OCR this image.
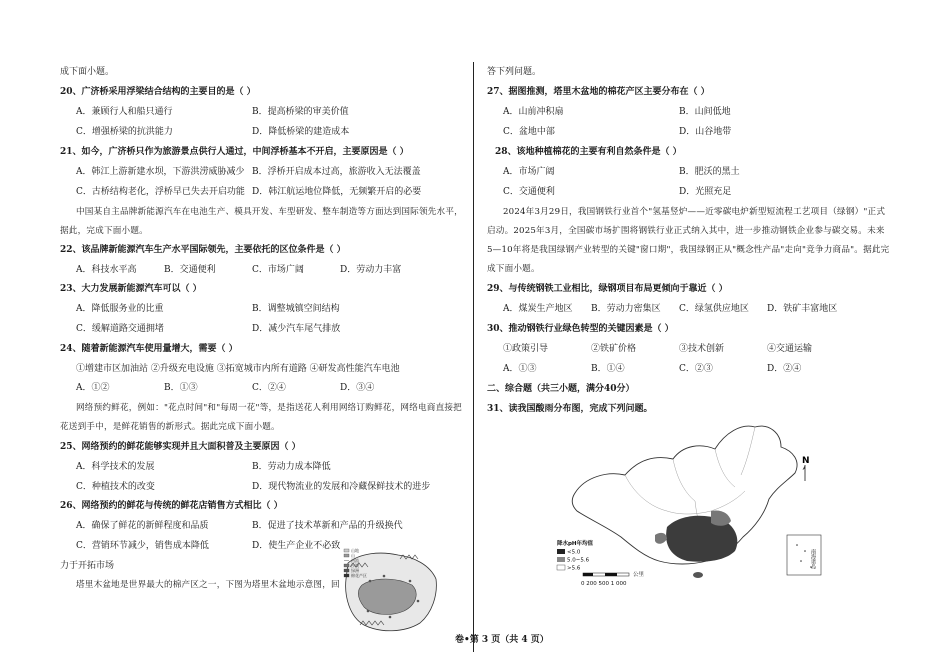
成下面小题。
20、广济桥采用浮梁结合结构的主要目的是（ ）
A．兼顾行人和船只通行	B．提高桥梁的审美价值
C．增强桥梁的抗洪能力	D．降低桥梁的建造成本
21、如今，广济桥只作为旅游景点供行人通过，中间浮桥基本不开启，主要原因是（ ）
A．韩江上游新建水坝，下游洪涝威胁减少 B．浮桥开启成本过高，旅游收入无法覆盖
C．古桥结构老化，浮桥早已失去开启功能 D．韩江航运地位降低，无频繁开启的必要
中国某自主品牌新能源汽车在电池生产、模具开发、车型研发、整车制造等方面达到国际领先水平，
据此，完成下面小题。
22、该品牌新能源汽车生产水平国际领先，主要依托的区位条件是（ ）
A．科技水平高	B．交通便利	C．市场广阔	D．劳动力丰富
23、大力发展新能源汽车可以（ ）
A．降低服务业的比重	B．调整城镇空间结构
C．缓解道路交通拥堵	D．减少汽车尾气排放
24、随着新能源汽车使用量增大，需要（ ）
①增建市区加油站 ②升级充电设施 ③拓宽城市内所有道路 ④研发高性能汽车电池
A．①②	B．①③	C．②④	D．③④
网络预约鲜花，例如："花点时间"和"每周一花"等，是指送花人利用网络订购鲜花，网络电商直接把
花送到手中，是鲜花销售的新形式。据此完成下面小题。
25、网络预约的鲜花能够实现并且大面积普及主要原因（ ）
A．科学技术的发展	B．劳动力成本降低
C．种植技术的改变	D．现代物流业的发展和冷藏保鲜技术的进步
26、网络预约的鲜花与传统的鲜花店销售方式相比（ ）
A．确保了鲜花的新鲜程度和品质	B．促进了技术革新和产品的升级换代
C．营销环节减少，销售成本降低	D．使生产企业不必致
力于开拓市场
塔里木盆地是世界最大的棉产区之一，下图为塔里木盆地示意图，回
山地
山
河流
沙漠
绿洲
棉花产区
答下列问题。
27、据图推测，塔里木盆地的棉花产区主要分布在（ ）
A．山前冲积扇	B．山间低地
C．盆地中部	D．山谷地带
28、该地种植棉花的主要有利自然条件是（ ）
A．市场广阔	B．肥沃的黑土
C．交通便利	D．光照充足
2024年3月29日，我国钢铁行业首个"氢基竖炉——近零碳电炉新型短流程工艺项目（绿钢）"正式
启动。2025年3月，全国碳市场扩围将钢铁行业正式纳入其中，进一步推动钢铁企业参与碳交易。未来
5—10年将是我国绿钢产业转型的关键"窗口期"，我国绿钢正从"概念性产品"走向"竞争力商品"。据此完
成下面小题。
29、与传统钢铁工业相比，绿钢项目布局更倾向于靠近（ ）
A．煤炭生产地区 B．劳动力密集区 C．绿氢供应地区 D．铁矿丰富地区
30、推动钢铁行业绿色转型的关键因素是（ ）
①政策引导	②铁矿价格	③技术创新	④交通运输
A．①③	B．①④	C．②③	D．②④
二、综合题（共三小题，满分40分）
31、读我国酸雨分布图，完成下列问题。
南海诸岛
N
降水pH年均值
<5.0
5.0~5.6
>5.6
公里
0 200 500 1 000
卷•第 3 页（共 4 页）
